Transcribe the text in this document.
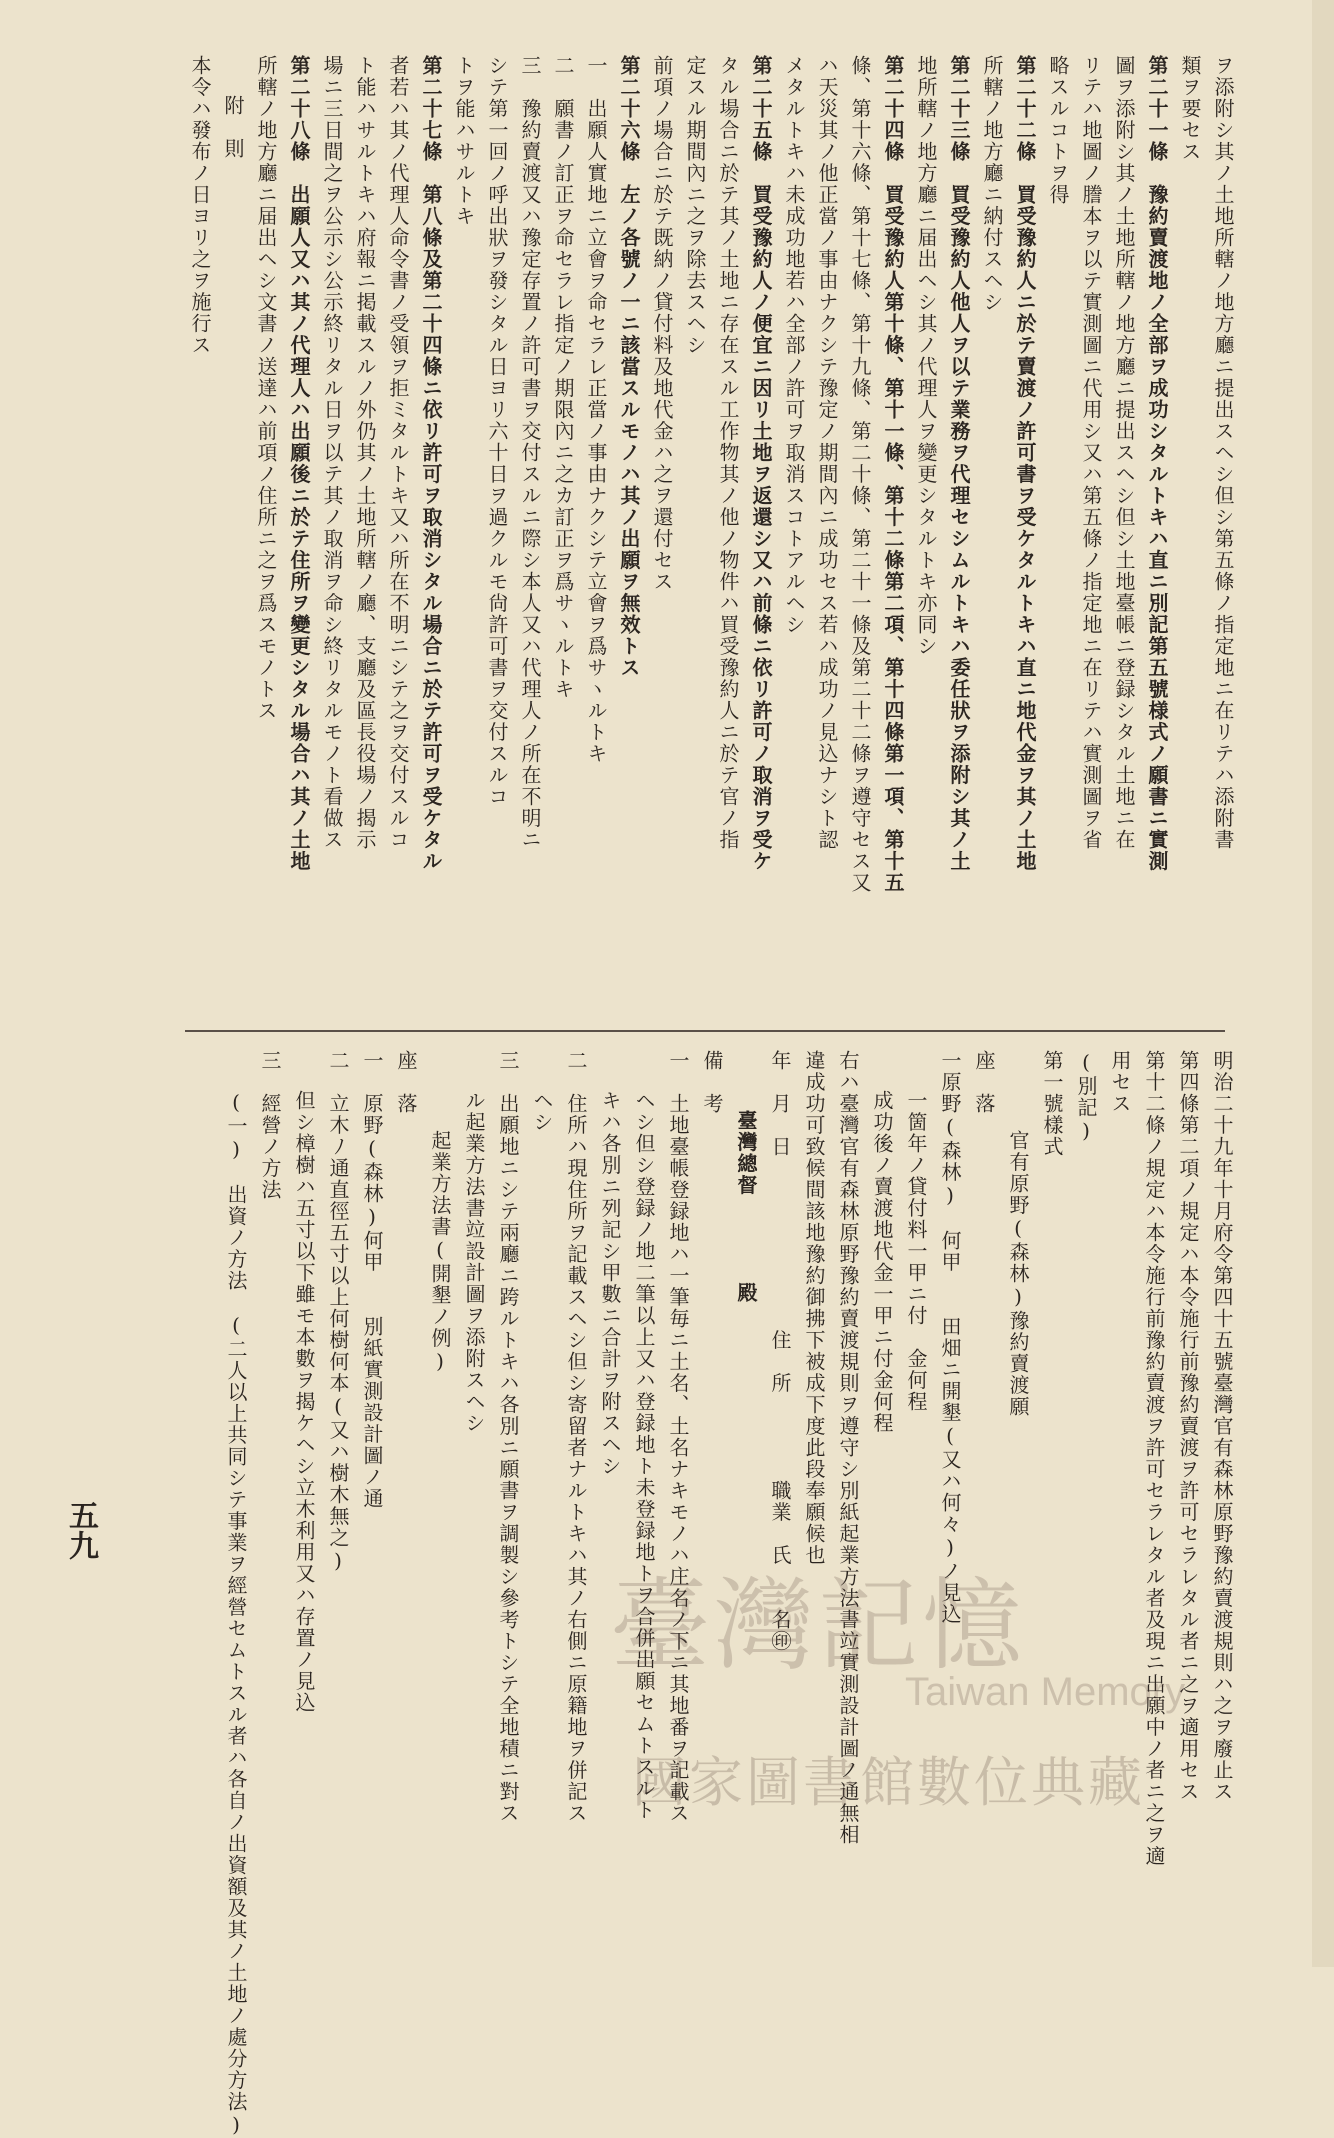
ヲ添附シ其ノ土地所轄ノ地方廳ニ提出スヘシ但シ第五條ノ指定地ニ在リテハ添附書
類ヲ要セス
第二十一條　豫約賣渡地ノ全部ヲ成功シタルトキハ直ニ別記第五號様式ノ願書ニ實測
圖ヲ添附シ其ノ土地所轄ノ地方廳ニ提出スヘシ但シ土地臺帳ニ登録シタル土地ニ在
リテハ地圖ノ謄本ヲ以テ實測圖ニ代用シ又ハ第五條ノ指定地ニ在リテハ實測圖ヲ省
略スルコトヲ得
第二十二條　買受豫約人ニ於テ賣渡ノ許可書ヲ受ケタルトキハ直ニ地代金ヲ其ノ土地
所轄ノ地方廳ニ納付スヘシ
第二十三條　買受豫約人他人ヲ以テ業務ヲ代理セシムルトキハ委任狀ヲ添附シ其ノ土
地所轄ノ地方廳ニ届出ヘシ其ノ代理人ヲ變更シタルトキ亦同シ
第二十四條　買受豫約人第十條、第十一條、第十二條第二項、第十四條第一項、第十五
條、第十六條、第十七條、第十九條、第二十條、第二十一條及第二十二條ヲ遵守セス又
ハ天災其ノ他正當ノ事由ナクシテ豫定ノ期間內ニ成功セス若ハ成功ノ見込ナシト認
メタルトキハ未成功地若ハ全部ノ許可ヲ取消スコトアルヘシ
第二十五條　買受豫約人ノ便宜ニ因リ土地ヲ返還シ又ハ前條ニ依リ許可ノ取消ヲ受ケ
タル場合ニ於テ其ノ土地ニ存在スル工作物其ノ他ノ物件ハ買受豫約人ニ於テ官ノ指
定スル期間內ニ之ヲ除去スヘシ
前項ノ場合ニ於テ既納ノ貸付料及地代金ハ之ヲ還付セス
第二十六條　左ノ各號ノ一ニ該當スルモノハ其ノ出願ヲ無效トス
一　出願人實地ニ立會ヲ命セラレ正當ノ事由ナクシテ立會ヲ爲サヽルトキ
二　願書ノ訂正ヲ命セラレ指定ノ期限內ニ之カ訂正ヲ爲サヽルトキ
三　豫約賣渡又ハ豫定存置ノ許可書ヲ交付スルニ際シ本人又ハ代理人ノ所在不明ニ
シテ第一回ノ呼出狀ヲ發シタル日ヨリ六十日ヲ過クルモ尙許可書ヲ交付スルコ
トヲ能ハサルトキ
第二十七條　第八條及第二十四條ニ依リ許可ヲ取消シタル場合ニ於テ許可ヲ受ケタル
者若ハ其ノ代理人命令書ノ受領ヲ拒ミタルトキ又ハ所在不明ニシテ之ヲ交付スルコ
ト能ハサルトキハ府報ニ掲載スルノ外仍其ノ土地所轄ノ廳、支廳及區長役場ノ揭示
場ニ三日間之ヲ公示シ公示終リタル日ヲ以テ其ノ取消ヲ命シ終リタルモノト看做ス
第二十八條　出願人又ハ其ノ代理人ハ出願後ニ於テ住所ヲ變更シタル場合ハ其ノ土地
所轄ノ地方廳ニ届出ヘシ文書ノ送達ハ前項ノ住所ニ之ヲ爲スモノトス
附　則
本令ハ發布ノ日ヨリ之ヲ施行ス
明治二十九年十月府令第四十五號臺灣官有森林原野豫約賣渡規則ハ之ヲ廢止ス
第四條第二項ノ規定ハ本令施行前豫約賣渡ヲ許可セラレタル者ニ之ヲ適用セス
第十二條ノ規定ハ本令施行前豫約賣渡ヲ許可セラレタル者及現ニ出願中ノ者ニ之ヲ適
用セス
(別記)
第一號樣式
官有原野(森林)豫約賣渡願
座　落
一原野(森林)　何甲　　田畑ニ開墾(又ハ何々)ノ見込
一箇年ノ貸付料一甲ニ付　金何程
成功後ノ賣渡地代金一甲ニ付金何程
右ハ臺灣官有森林原野豫約賣渡規則ヲ遵守シ別紙起業方法書竝實測設計圖ノ通無相
違成功可致候間該地豫約御拂下被成下度此段奉願候也
年　月　日　　　　　　　　住　所　　　　職業　氏　　名㊞
臺灣總督　　　　殿
備　考
一　土地臺帳登録地ハ一筆毎ニ土名、土名ナキモノハ庄名ノ下ニ其地番ヲ記載ス
ヘシ但シ登録ノ地二筆以上又ハ登録地ト未登録地トヲ合併出願セムトスルト
キハ各別ニ列記シ甲數ニ合計ヲ附スヘシ
二　住所ハ現住所ヲ記載スヘシ但シ寄留者ナルトキハ其ノ右側ニ原籍地ヲ併記ス
ヘシ
三　出願地ニシテ兩廳ニ跨ルトキハ各別ニ願書ヲ調製シ參考トシテ全地積ニ對ス
ル起業方法書竝設計圖ヲ添附スヘシ
起業方法書(開墾ノ例)
座　落
一　原野(森林)何甲　　別紙實測設計圖ノ通
二　立木ﾉ通直徑五寸以上何樹何本(又ハ樹木無之)
但シ樟樹ハ五寸以下雖モ本數ヲ揭ケヘシ立木利用又ハ存置ノ見込
三　經營ノ方法
(一)　出資ノ方法　(二人以上共同シテ事業ヲ經營セムトスル者ハ各自ノ出資額及其ノ土地ノ處分方法)
五九
臺灣記憶
Taiwan Memory
國家圖書館數位典藏
